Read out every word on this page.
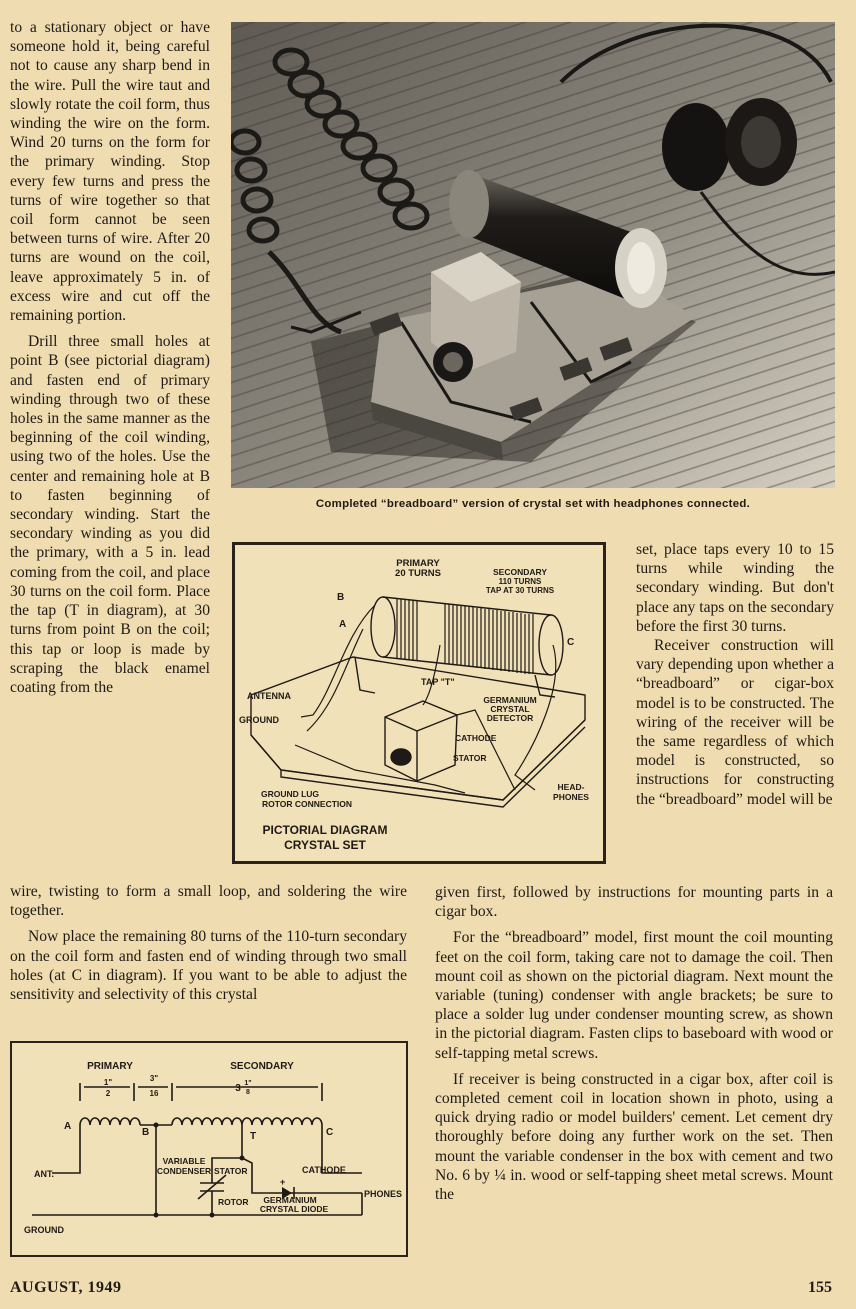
to a stationary object or have someone hold it, being careful not to cause any sharp bend in the wire. Pull the wire taut and slowly rotate the coil form, thus winding the wire on the form. Wind 20 turns on the form for the primary winding. Stop every few turns and press the turns of wire together so that coil form cannot be seen between turns of wire. After 20 turns are wound on the coil, leave approximately 5 in. of excess wire and cut off the remaining portion.

Drill three small holes at point B (see pictorial diagram) and fasten end of primary winding through two of these holes in the same manner as the beginning of the coil winding, using two of the holes. Use the center and remaining hole at B to fasten beginning of secondary winding. Start the secondary winding as you did the primary, with a 5 in. lead coming from the coil, and place 30 turns on the coil form. Place the tap (T in diagram), at 30 turns from point B on the coil; this tap or loop is made by scraping the black enamel coating from the

wire, twisting to form a small loop, and soldering the wire together.

Now place the remaining 80 turns of the 110-turn secondary on the coil form and fasten end of winding through two small holes (at C in diagram). If you want to be able to adjust the sensitivity and selectivity of this crystal

set, place taps every 10 to 15 turns while winding the secondary winding. But don't place any taps on the secondary before the first 30 turns.

Receiver construction will vary depending upon whether a “breadboard” or cigar-box model is to be constructed. The wiring of the receiver will be the same regardless of which model is constructed, so instructions for constructing the “breadboard” model will be

given first, followed by instructions for mounting parts in a cigar box.

For the “breadboard” model, first mount the coil mounting feet on the coil form, taking care not to damage the coil. Then mount coil as shown on the pictorial diagram. Next mount the variable (tuning) condenser with angle brackets; be sure to place a solder lug under condenser mounting screw, as shown in the pictorial diagram. Fasten clips to baseboard with wood or self-tapping metal screws.

If receiver is being constructed in a cigar box, after coil is completed cement coil in location shown in photo, using a quick drying radio or model builders' cement. Let cement dry thoroughly before doing any further work on the set. Then mount the variable condenser in the box with cement and two No. 6 by ¼ in. wood or self-tapping sheet metal screws. Mount the

Completed “breadboard” version of crystal set with headphones connected.
PRIMARY
20 TURNS	SECONDARY
110 TURNS
TAP AT 30 TURNS
B
A
C
TAP "T"
ANTENNA
GROUND
GERMANIUM
CRYSTAL
DETECTOR
CATHODE
STATOR
GROUND LUG
ROTOR CONNECTION
HEAD-
PHONES
PICTORIAL DIAGRAM
CRYSTAL SET
PRIMARY	SECONDARY
1"
2
3"
16	3 1"
8
A
B	T	C
VARIABLE
CONDENSER STATOR
ROTOR
CATHODE
+
GERMANIUM
CRYSTAL DIODE
ANT.
PHONES
GROUND
AUGUST, 1949	155
